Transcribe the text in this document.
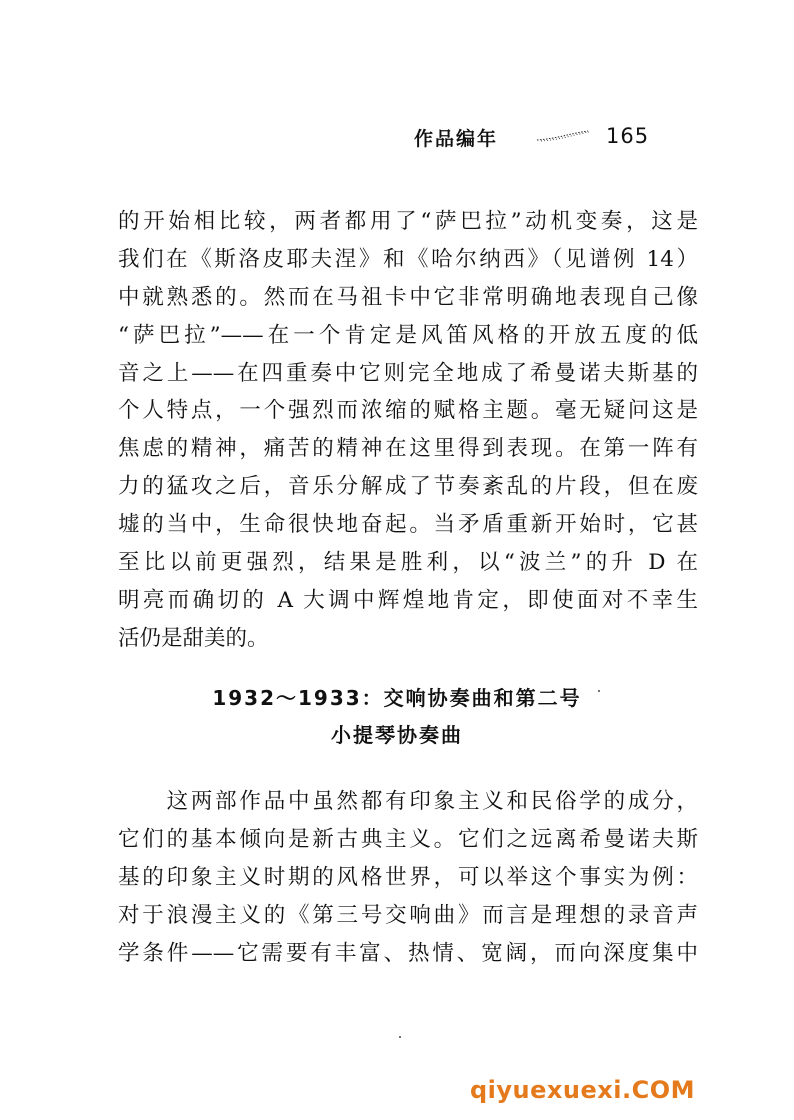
作品编年	165
的开始相比较，两者都用了“萨巴拉”动机变奏，这是
我们在《斯洛皮耶夫涅》和《哈尔纳西》（见谱例 14）
中就熟悉的。然而在马祖卡中它非常明确地表现自己像
“萨巴拉”——在一个肯定是风笛风格的开放五度的低
音之上——在四重奏中它则完全地成了希曼诺夫斯基的
个人特点，一个强烈而浓缩的赋格主题。毫无疑问这是
焦虑的精神，痛苦的精神在这里得到表现。在第一阵有
力的猛攻之后，音乐分解成了节奏紊乱的片段，但在废
墟的当中，生命很快地奋起。当矛盾重新开始时，它甚
至比以前更强烈，结果是胜利，以“波兰”的升 D 在
明亮而确切的 A 大调中辉煌地肯定，即使面对不幸生
活仍是甜美的。
1932～1933：交响协奏曲和第二号
小提琴协奏曲
　　这两部作品中虽然都有印象主义和民俗学的成分，
它们的基本倾向是新古典主义。它们之远离希曼诺夫斯
基的印象主义时期的风格世界，可以举这个事实为例：
对于浪漫主义的《第三号交响曲》而言是理想的录音声
学条件——它需要有丰富、热情、宽阔，而向深度集中
qiyuexuexi.COM
